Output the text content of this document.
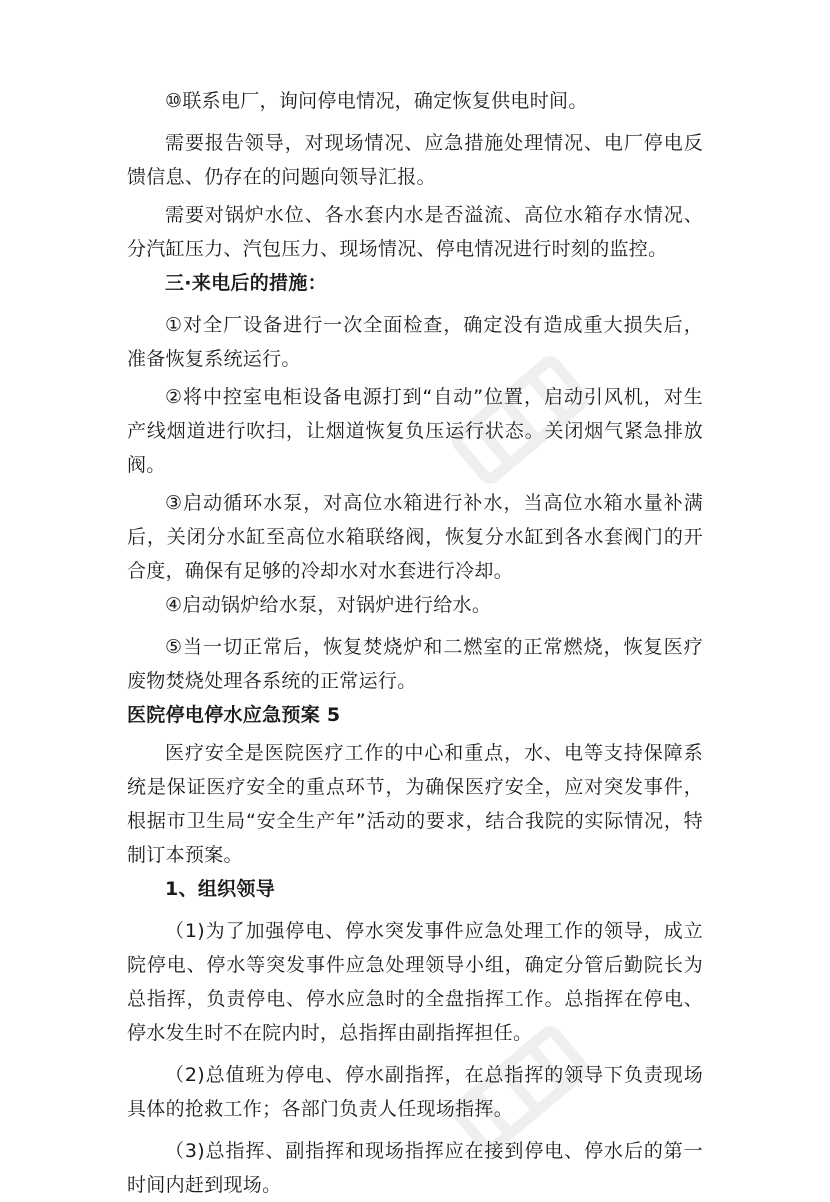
⑩联系电厂，询问停电情况，确定恢复供电时间。

需要报告领导，对现场情况、应急措施处理情况、电厂停电反馈信息、仍存在的问题向领导汇报。

需要对锅炉水位、各水套内水是否溢流、高位水箱存水情况、分汽缸压力、汽包压力、现场情况、停电情况进行时刻的监控。

三·来电后的措施：

①对全厂设备进行一次全面检查，确定没有造成重大损失后，准备恢复系统运行。

②将中控室电柜设备电源打到“自动”位置，启动引风机，对生产线烟道进行吹扫，让烟道恢复负压运行状态。关闭烟气紧急排放阀。

③启动循环水泵，对高位水箱进行补水，当高位水箱水量补满后，关闭分水缸至高位水箱联络阀，恢复分水缸到各水套阀门的开合度，确保有足够的冷却水对水套进行冷却。

④启动锅炉给水泵，对锅炉进行给水。

⑤当一切正常后，恢复焚烧炉和二燃室的正常燃烧，恢复医疗废物焚烧处理各系统的正常运行。

医院停电停水应急预案 5

医疗安全是医院医疗工作的中心和重点，水、电等支持保障系统是保证医疗安全的重点环节，为确保医疗安全，应对突发事件，根据市卫生局“安全生产年”活动的要求，结合我院的实际情况，特制订本预案。

1、组织领导

（1)为了加强停电、停水突发事件应急处理工作的领导，成立院停电、停水等突发事件应急处理领导小组，确定分管后勤院长为总指挥，负责停电、停水应急时的全盘指挥工作。总指挥在停电、停水发生时不在院内时，总指挥由副指挥担任。

（2)总值班为停电、停水副指挥，在总指挥的领导下负责现场具体的抢救工作；各部门负责人任现场指挥。

（3)总指挥、副指挥和现场指挥应在接到停电、停水后的第一时间内赶到现场。
